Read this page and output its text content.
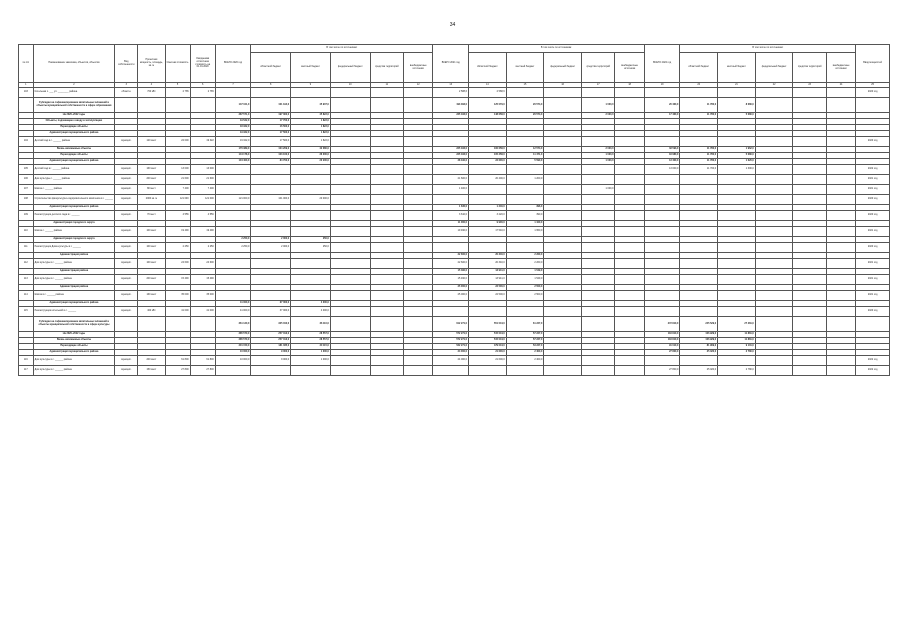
34
№ п/п	Наименование заказчика, объектов, объектов	Вид собственности	Проектная мощность, площадь, кв. м	Сметная стоимость	Ожидаемая остаточная стоимость на 01.01.2020	ВСЕГО 2020 год	В том числе по источникам:					ВСЕГО 2021 год	В том числе по источникам:					ВСЕГО 2022 год	В том числе по источникам:					Ввод мощностей
							областной бюджет	местный бюджет	федеральный бюджет	средства территорий	внебюджетные источники		областной бюджет	местный бюджет	федеральный бюджет	средства территорий	внебюджетные источники		областной бюджет	местный бюджет	федеральный бюджет	средства территорий	внебюджетные источники	
1	2	3	4	5	6	7	8	9	10	11	12	13	14	15	16	17	18	19	20	21	22	23	24	25
103	Котельная с. ___ ул. ________ района	областн.	700 кВт	2 765	2 765							2 588,6	2 588,6											2020 год
	Субсидии на софинансирование капитальных вложений в объекты муниципальной собственности в сфере образования					147 101,0	101 194,0	45 907,0				193 093,0	125 079,0	26 574,0		1 000,0		20 460,0	11 780,0	8 680,0				
	На 2020–2022 годы					287 571,0	197 300,0	45 822,0				235 183,0	148 658,0	26 574,0		2 000,0		17 460,0	11 780,0	5 680,0				
	Объекты, подлежащие к вводу в эксплуатацию					19 522,0	17 700,0	1 822,0																
	Переходящие объекты					18 322,0	16 500,0	1 822,0																
	Администрация муниципального района					19 322,0	17 500,0	1 822,0																
104	Детский сад в с. ______ района	муницип.	120 мест	22 000	19 322	19 322,0	17 500,0	1 822,0																2020 год
	Вновь начинаемые объекты					176 389,0	104 209,0	42 080,0				225 183,0	160 658,0	12 574,0		2 000,0		33 593,0	11 780,0	1 962,0				
	Переходящие объекты					144 178,0	103 100,0	36 000,0				225 183,0	105 258,0	11 471,0		1 000,0		18 680,0	11 780,0	5 680,0				
	Администрация муниципального района					104 400,0	84 700,0	20 200,0				28 190,0	22 600,0	5 590,0		1 000,0		13 400,0	11 780,0	1 620,0				
105	Детский сад в г. ______ района	муницип.	160 мест	13 000	13 000													13 000,0	11 700,0	1 300,0				2022 год
106	Дом культуры с. ______ района	муницип.	200 мест	21 600	21 600							21 600,0	20 400,0	1 200,0										2021 год
107	Школа с. ______ района	муницип.	80 мест	7 400	7 400							1 400,0				1 000,0								2021 год
108	Строительство физкультурно-оздоровительного комплекса в г. ______	муницип.	2000 кв. м	121 000	121 000	121 000,0	101 000,0	20 000,0																2020 год
	Администрация муниципального района											1 636,0	1 240,0	396,0										
109	Реконструкция детского сада в г. ______	муницип.	70 мест	4 556	4 556							3 610,0	3 220,0	390,0										2020 год
	Администрация городского округа											11 000,0	9 900,0	1 100,0										
110	Школа с. ______ района	муницип.	100 мест	19 490	19 490							19 490,0	17 540,0	1 950,0										2021 год
	Администрация городского округа					2 250,0	2 000,0	250,0																
111	Реконструкция Дома культуры в г. ______	муницип.	100 мест	2 250	2 250	2 250,0	2 000,0	250,0																2020 год
	Администрация района											22 600,0	20 340,0	2 260,0										
112	Дом культуры в с. ______ района	муницип.	100 мест	24 600	24 600							22 600,0	20 340,0	2 260,0										2021 год
	Администрация района											15 490,0	13 941,0	1 549,0										
113	Дом культуры в с. ______ района	муницип.	200 мест	15 490	15 490							15 490,0	13 941,0	1 549,0										2021 год
	Администрация района											25 000,0	22 500,0	2 500,0										
114	Школа в с. ______ района	муницип.	160 мест	35 000	35 000							25 000,0	22 500,0	2 500,0										2021 год
	Администрация муниципального района					41 000,0	37 000,0	4 000,0																
115	Реконструкция котельной в с. ______	муницип.	400 кВт	41 000	41 000	41 000,0	37 000,0	4 000,0																2020 год
	Субсидии на софинансирование капитальных вложений в объекты муниципальной собственности в сфере культуры					361 120,0	325 010,0	36 110,0				612 271,0	551 044,0	61 227,0				272 810,0	245 529,0	27 281,0				
	На 2020–2022 годы					285 570,0	257 013,0	28 557,0				572 271,0	515 044,0	57 227,0				118 810,0	106 929,0	11 881,0				
	Вновь начинаемые объекты					285 570,0	257 013,0	28 557,0				572 271,0	515 044,0	57 227,0				118 810,0	106 929,0	11 881,0				
	Переходящие объекты					201 150,0	181 035,0	20 115,0				532 271,0	479 044,0	53 227,0				91 010,0	81 909,0	9 101,0				
	Администрация муниципального района					10 000,0	9 000,0	1 000,0				24 000,0	21 600,0	2 400,0				27 800,0	25 020,0	2 780,0				
116	Дом культуры в с. ______ района	муницип.	200 мест	61 800	61 800	10 000,0	9 000,0	1 000,0				24 000,0	21 600,0	2 400,0										2022 год
117	Дом культуры в с. ______ района	муницип.	150 мест	27 800	27 800													27 800,0	25 020,0	2 780,0				2022 год
